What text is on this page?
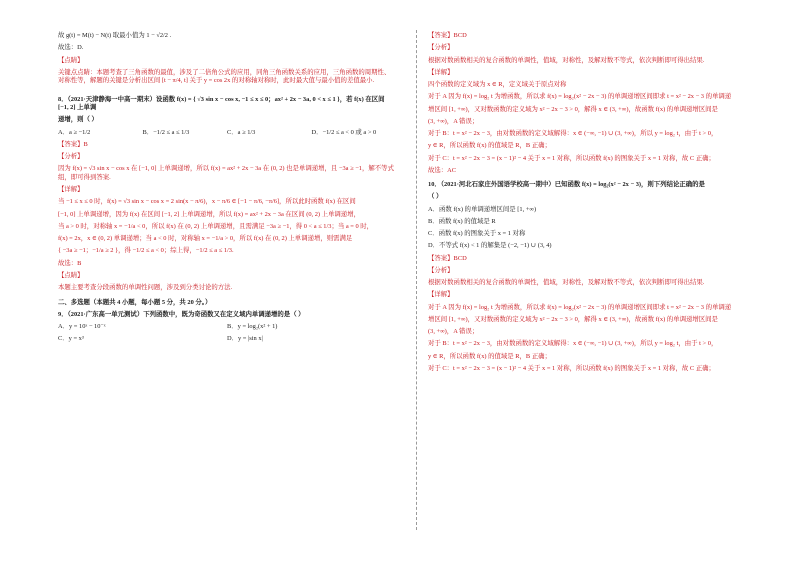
故 g(t) = M(t) − N(t) 取最小值为 1 − √2/2 .

故选：D.

【点睛】

关键点点睛：本题考查了三角函数的最值，涉及了二倍角公式的应用，同角三角函数关系的应用，三角函数的周期性、对称性等，解题的关键是分析出区间 [t − π/4, t] 关于 y = cos 2x 的对称轴对称时，此时最大值与最小值的差值最小.

8．（2021·天津静海一中高一期末）设函数 f(x) = { √3 sin x − cos x, −1 ≤ x ≤ 0；ax² + 2x − 3a, 0 < x ≤ 1 }，若 f(x) 在区间 [−1, 2] 上单调

递增，则（ ）

A．a ≥ −1/2	B．−1/2 ≤ a ≤ 1/3	C．a ≥ 1/3	D．−1/2 ≤ a < 0 或 a > 0

【答案】B

【分析】

因为 f(x) = √3 sin x − cos x 在 [−1, 0] 上单调递增，所以 f(x) = ax² + 2x − 3a 在 (0, 2) 也是单调递增，且 −3a ≥ −1，解不等式组，即可得到答案.

【详解】

当 −1 ≤ x ≤ 0 时，f(x) = √3 sin x − cos x = 2 sin(x − π/6)，x − π/6 ∈ [−1 − π/6, −π/6]，所以此时函数 f(x) 在区间

[−1, 0] 上单调递增，因为 f(x) 在区间 [−1, 2] 上单调递增，所以 f(x) = ax² + 2x − 3a 在区间 (0, 2) 上单调递增，

当 a > 0 时，对称轴 x = −1/a < 0，所以 f(x) 在 (0, 2) 上单调递增，且需满足 −3a ≥ −1，得 0 < a ≤ 1/3；当 a = 0 时，

f(x) = 2x，x ∈ (0, 2) 单调递增；当 a < 0 时，对称轴 x = −1/a > 0，所以 f(x) 在 (0, 2) 上单调递增，则需满足

{ −3a ≥ −1；−1/a ≥ 2 }，得 −1/2 ≤ a < 0；综上得，−1/2 ≤ a ≤ 1/3.

故选：B

【点睛】

本题主要考查分段函数的单调性问题，涉及到分类讨论的方法.

二、多选题（本题共 4 小题，每小题 5 分，共 20 分。）

9．（2021·广东高一单元测试）下列函数中，既为奇函数又在定义域内单调递增的是（ ）

A．y = 10ˣ − 10⁻ˣ	B．y = log₂(x² + 1)
C．y = x³	D．y = |sin x|

【答案】BCD

【分析】

根据对数函数相关的复合函数的单调性，值域，对称性，及解对数不等式，依次判断即可得出结果.

【详解】

四个函数的定义域为 x ∈ R，定义域关于原点对称

对于 A 因为 f(x) = log₂ t 为增函数，所以求 f(x) = log₂(x² − 2x − 3) 的单调递增区间即求 t = x² − 2x − 3 的单调递

增区间 [1, +∞)，又对数函数的定义域为 x² − 2x − 3 > 0，解得 x ∈ (3, +∞)，故函数 f(x) 的单调递增区间是

(3, +∞)，A 错误；

对于 B：t = x² − 2x − 3，由对数函数的定义域解得：x ∈ (−∞, −1) ∪ (3, +∞)，所以 y = log₂ t，由于 t > 0，

y ∈ R，所以函数 f(x) 的值域是 R，B 正确；

对于 C：t = x² − 2x − 3 = (x − 1)² − 4 关于 x = 1 对称，所以函数 f(x) 的图象关于 x = 1 对称，故 C 正确；

故选：AC

10．（2021·河北石家庄外国语学校高一期中）已知函数 f(x) = log₂(x² − 2x − 3)，则下列结论正确的是

（ ）

A．函数 f(x) 的单调递增区间是 [1, +∞)

B．函数 f(x) 的值域是 R

C．函数 f(x) 的图象关于 x = 1 对称

D．不等式 f(x) < 1 的解集是 (−2, −1) ∪ (3, 4)

【答案】BCD

【分析】

根据对数函数相关的复合函数的单调性，值域，对称性，及解对数不等式，依次判断即可得出结果.

【详解】

对于 A 因为 f(x) = log₂ t 为增函数，所以求 f(x) = log₂(x² − 2x − 3) 的单调递增区间即求 t = x² − 2x − 3 的单调递

增区间 [1, +∞)，又对数函数的定义域为 x² − 2x − 3 > 0，解得 x ∈ (3, +∞)，故函数 f(x) 的单调递增区间是

(3, +∞)，A 错误；

对于 B：t = x² − 2x − 3，由对数函数的定义域解得：x ∈ (−∞, −1) ∪ (3, +∞)，所以 y = log₂ t，由于 t > 0，

y ∈ R，所以函数 f(x) 的值域是 R，B 正确；

对于 C：t = x² − 2x − 3 = (x − 1)² − 4 关于 x = 1 对称，所以函数 f(x) 的图象关于 x = 1 对称，故 C 正确；
